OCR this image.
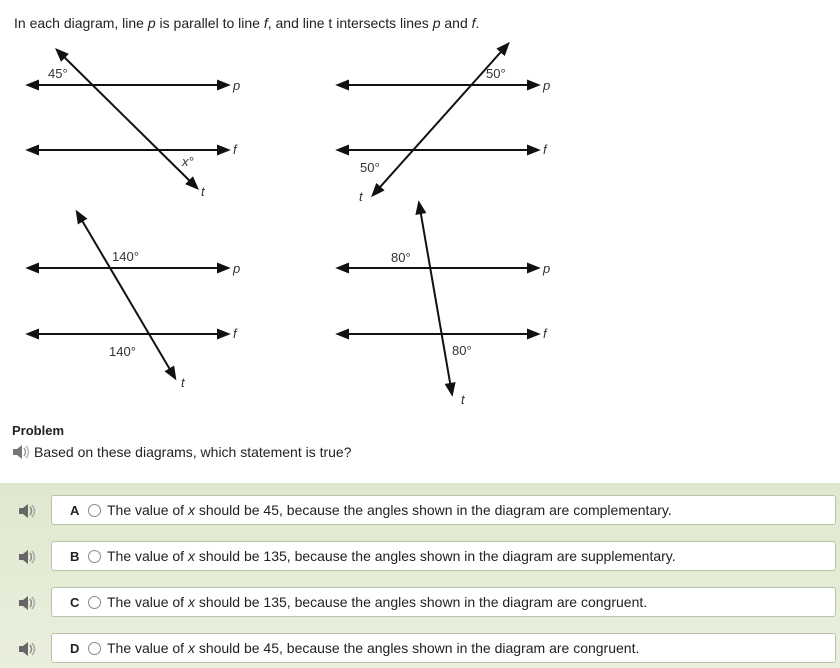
In each diagram, line p is parallel to line f, and line t intersects lines p and f.
45°
x°
p
f
t
50°
50°
p
f
t
140°
140°
p
f
t
80°
80°
p
f
t
Problem
Based on these diagrams, which statement is true?
A	The value of x should be 45, because the angles shown in the diagram are complementary.
B	The value of x should be 135, because the angles shown in the diagram are supplementary.
C	The value of x should be 135, because the angles shown in the diagram are congruent.
D	The value of x should be 45, because the angles shown in the diagram are congruent.
